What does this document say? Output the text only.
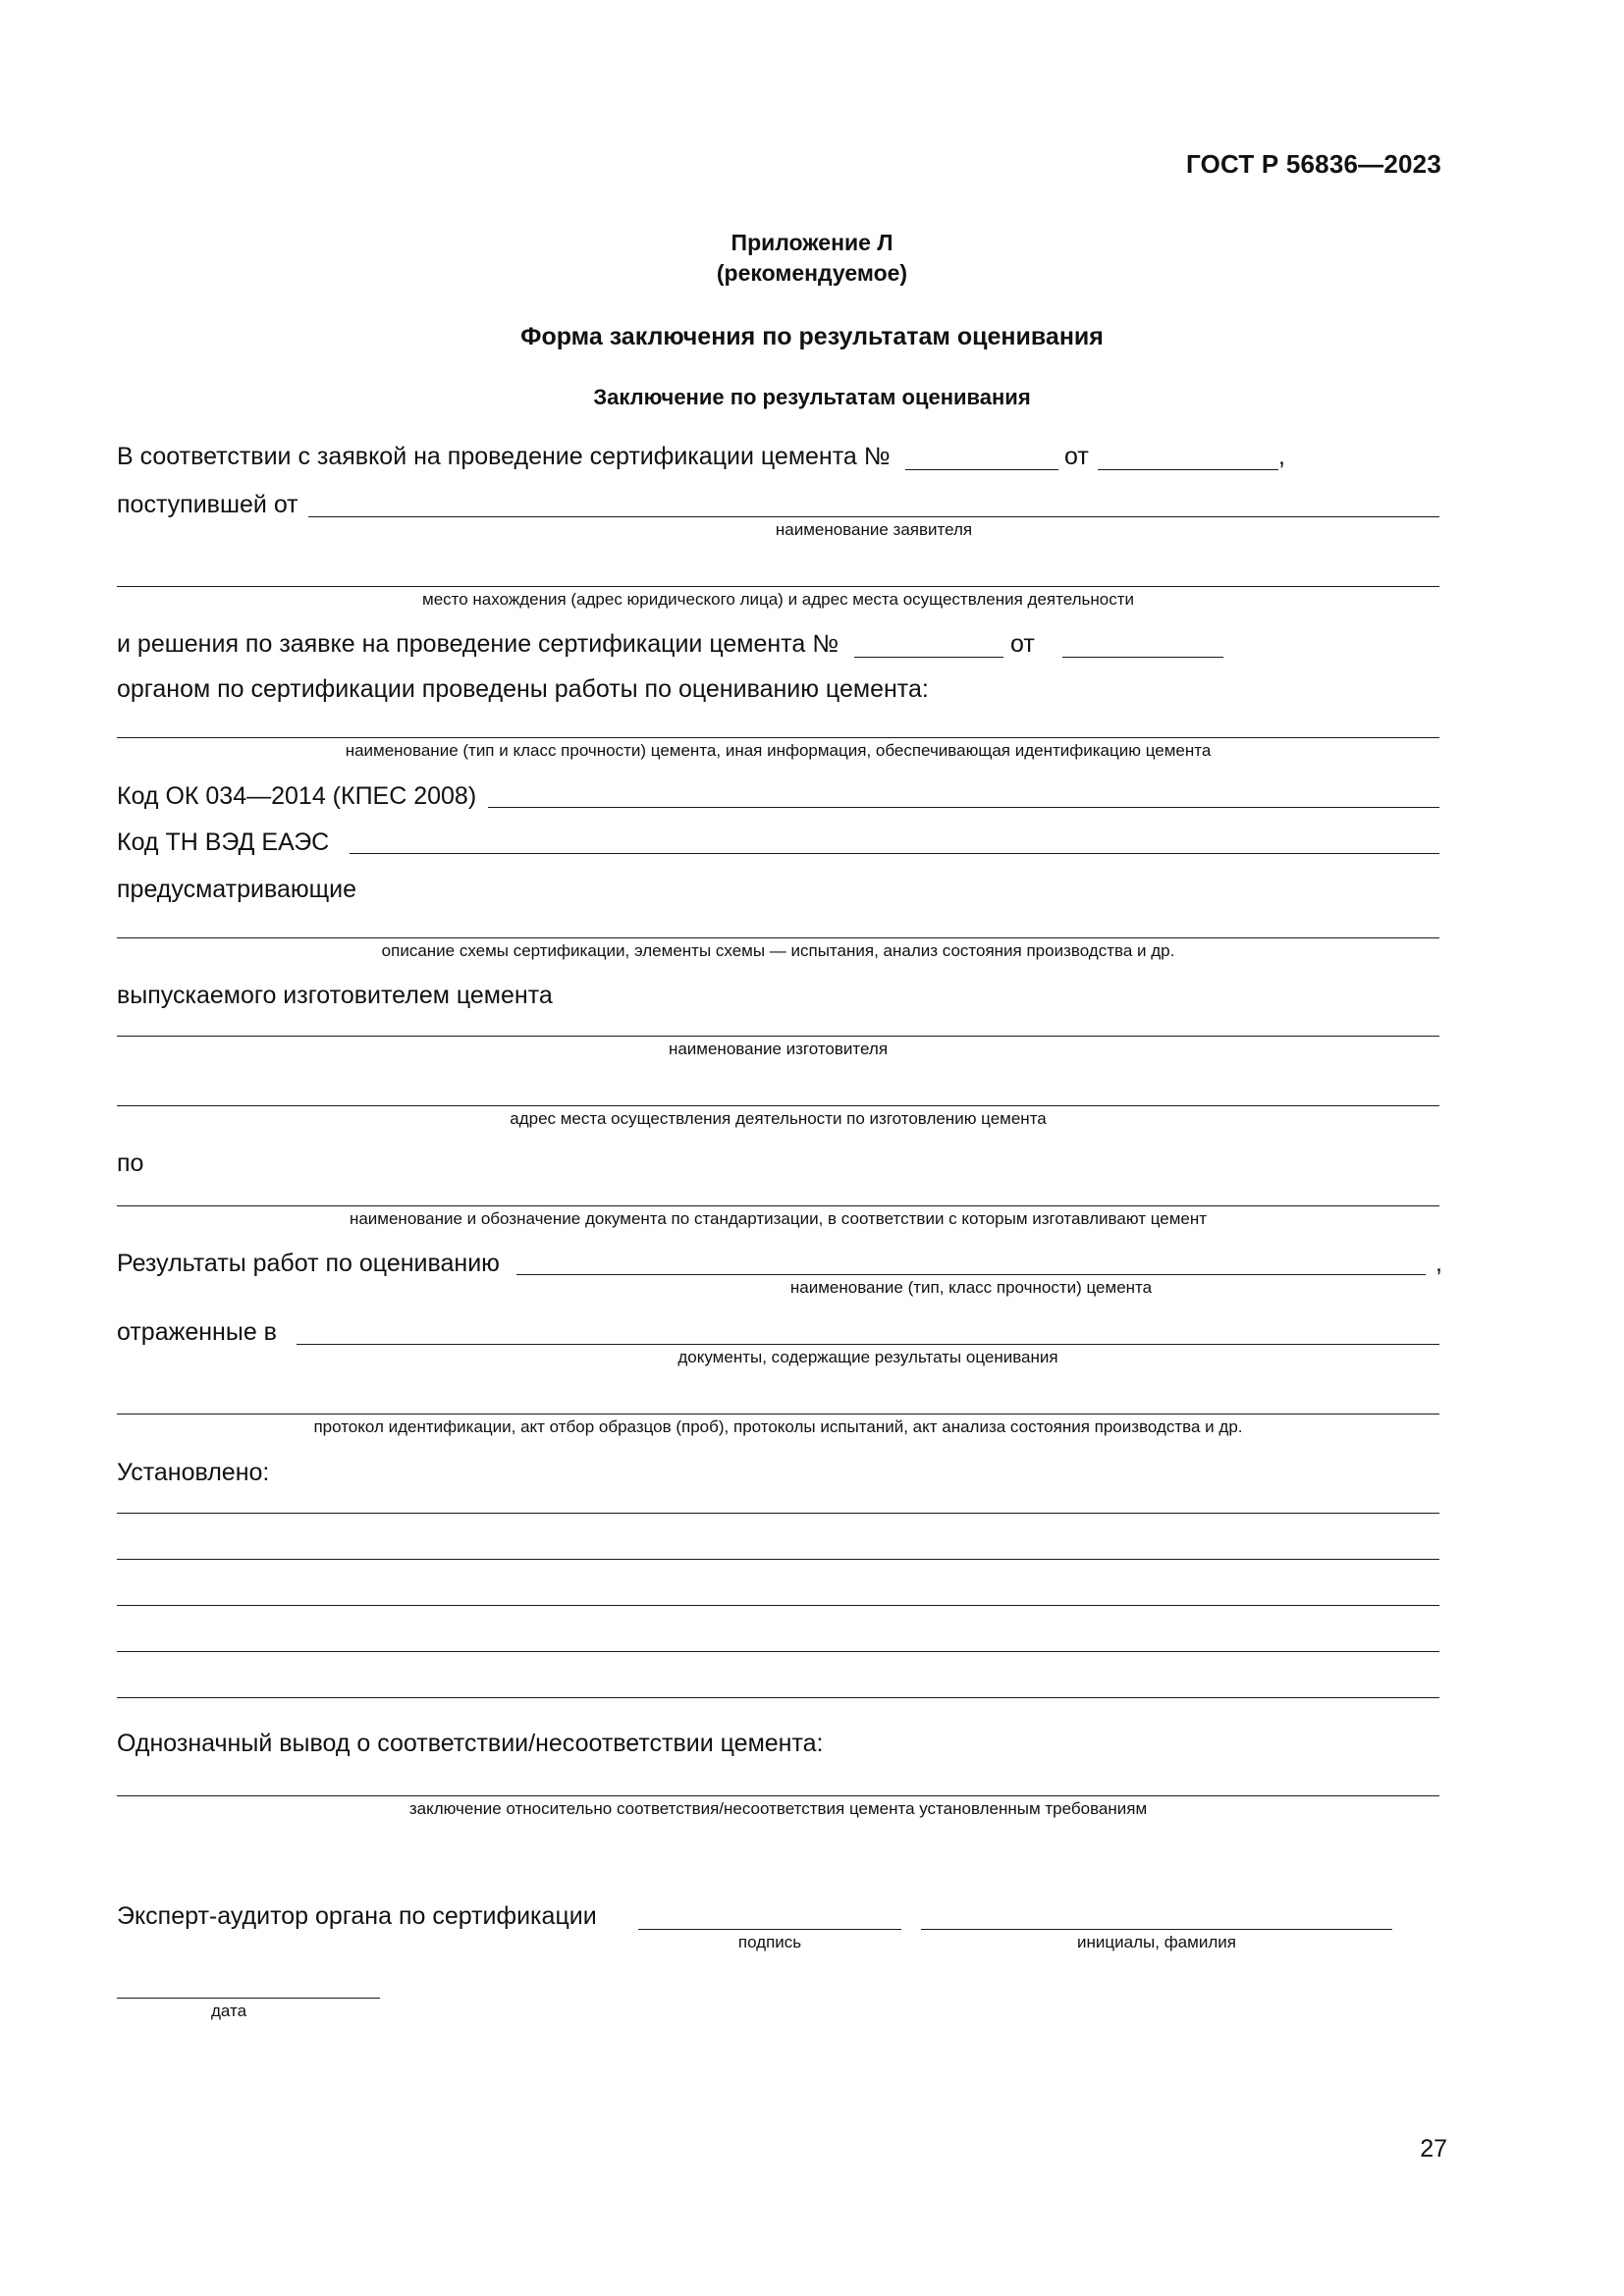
ГОСТ Р 56836—2023
Приложение Л
(рекомендуемое)
Форма заключения по результатам оценивания
Заключение по результатам оценивания
В соответствии с заявкой на проведение сертификации цемента №	от	,
поступившей от
наименование заявителя
место нахождения (адрес юридического лица) и адрес места осуществления деятельности
и решения по заявке на проведение сертификации цемента №	от
органом по сертификации проведены работы по оцениванию цемента:
наименование (тип и класс прочности) цемента, иная информация, обеспечивающая идентификацию цемента
Код ОК 034—2014 (КПЕС 2008)
Код ТН ВЭД ЕАЭС
предусматривающие
описание схемы сертификации, элементы схемы — испытания, анализ состояния производства и др.
выпускаемого изготовителем цемента
наименование изготовителя
адрес места осуществления деятельности по изготовлению цемента
по
наименование и обозначение документа по стандартизации, в соответствии с которым изготавливают цемент
Результаты работ по оцениванию	,
наименование (тип, класс прочности) цемента
отраженные в
документы, содержащие результаты оценивания
протокол идентификации, акт отбор образцов (проб), протоколы испытаний, акт анализа состояния производства и др.
Установлено:
Однозначный вывод о соответствии/несоответствии цемента:
заключение относительно соответствия/несоответствия цемента установленным требованиям
Эксперт-аудитор органа по сертификации
подпись	инициалы, фамилия
дата
27
